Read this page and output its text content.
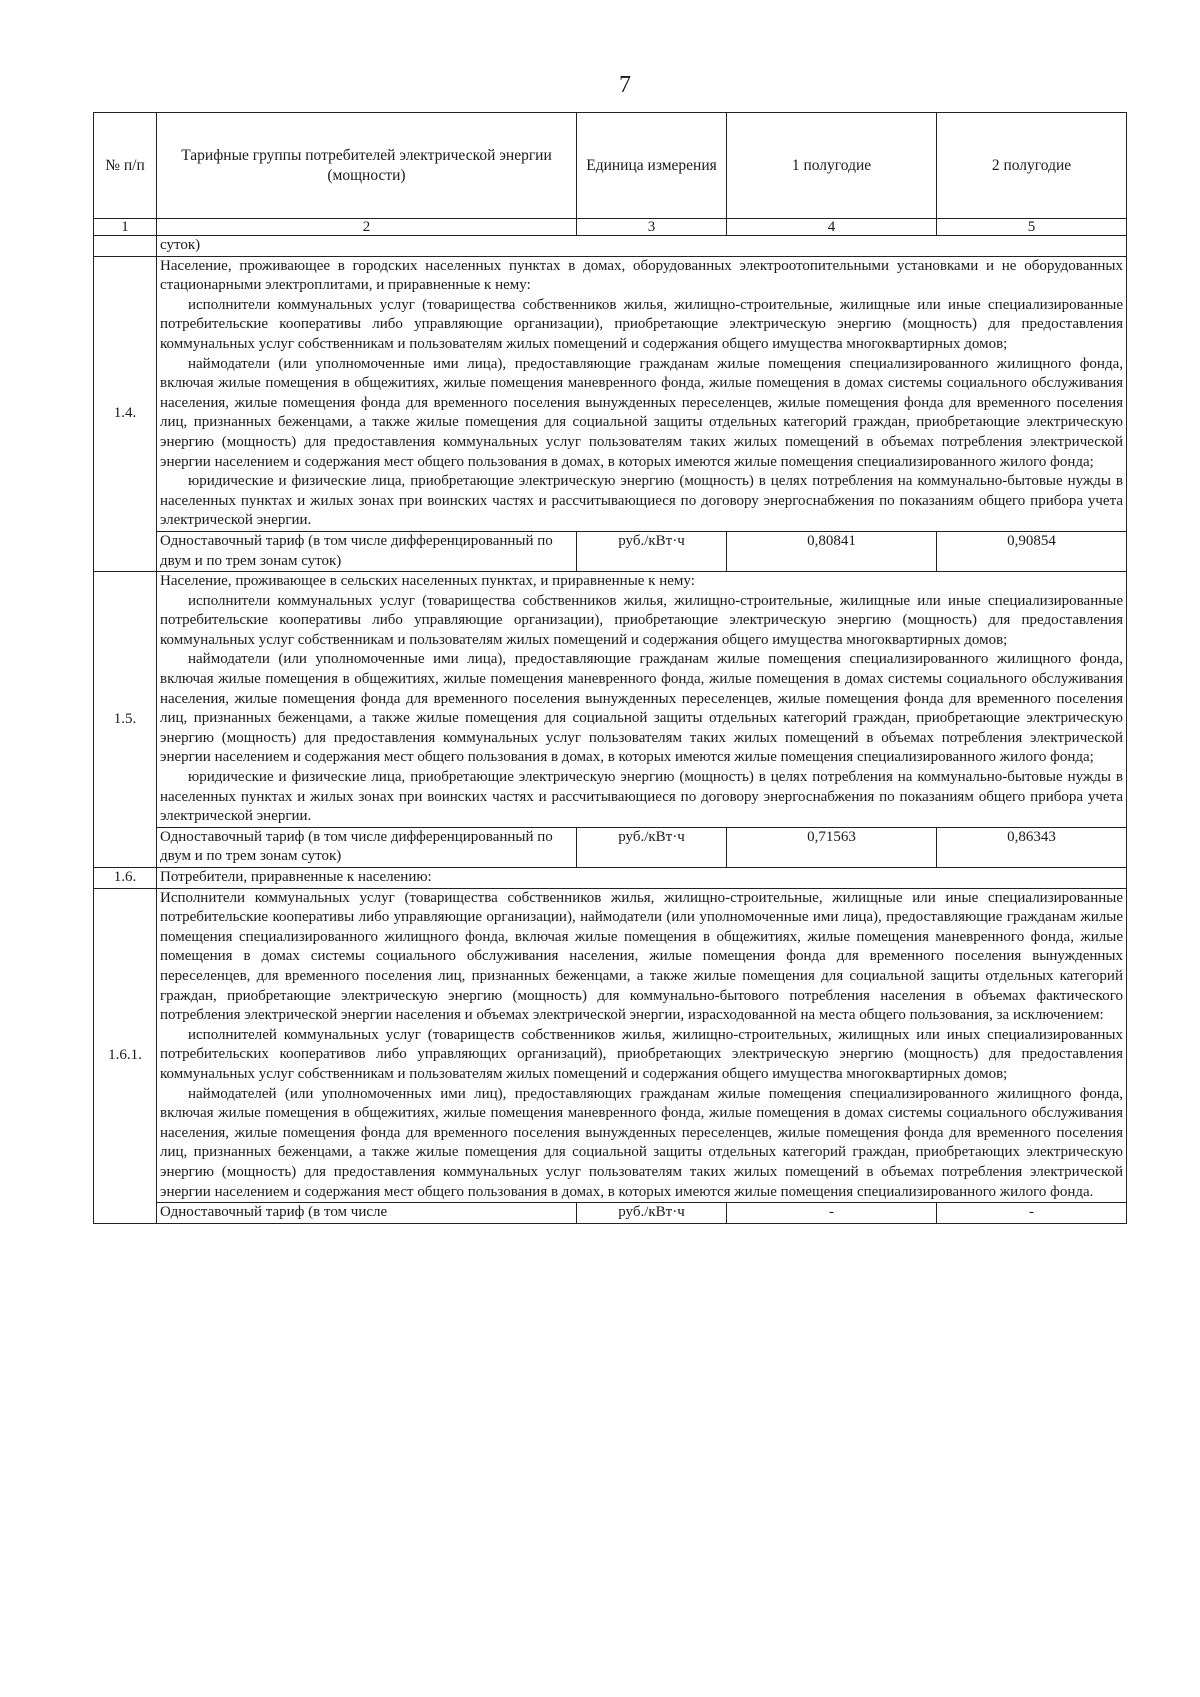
7
№ п/п	Тарифные группы потребителей электрической энергии (мощности)	Единица измерения	1 полугодие	2 полугодие
1	2	3	4	5
	суток)			
1.4.	Население, проживающее в городских населенных пунктах в домах, оборудованных электроотопительными установками и не оборудованных стационарными электроплитами, и приравненные к нему:

исполнители коммунальных услуг (товарищества собственников жилья, жилищно-строительные, жилищные или иные специализированные потребительские кооперативы либо управляющие организации), приобретающие электрическую энергию (мощность) для предоставления коммунальных услуг собственникам и пользователям жилых помещений и содержания общего имущества многоквартирных домов;

наймодатели (или уполномоченные ими лица), предоставляющие гражданам жилые помещения специализированного жилищного фонда, включая жилые помещения в общежитиях, жилые помещения маневренного фонда, жилые помещения в домах системы социального обслуживания населения, жилые помещения фонда для временного поселения вынужденных переселенцев, жилые помещения фонда для временного поселения лиц, признанных беженцами, а также жилые помещения для социальной защиты отдельных категорий граждан, приобретающие электрическую энергию (мощность) для предоставления коммунальных услуг пользователям таких жилых помещений в объемах потребления электрической энергии населением и содержания мест общего пользования в домах, в которых имеются жилые помещения специализированного жилого фонда;

юридические и физические лица, приобретающие электрическую энергию (мощность) в целях потребления на коммунально-бытовые нужды в населенных пунктах и жилых зонах при воинских частях и рассчитывающиеся по договору энергоснабжения по показаниям общего прибора учета электрической энергии.			

	Одноставочный тариф (в том числе дифференцированный по двум и по трем зонам суток)	руб./кВт·ч	0,80841	0,90854
1.5.	Население, проживающее в сельских населенных пунктах, и приравненные к нему:

исполнители коммунальных услуг (товарищества собственников жилья, жилищно-строительные, жилищные или иные специализированные потребительские кооперативы либо управляющие организации), приобретающие электрическую энергию (мощность) для предоставления коммунальных услуг собственникам и пользователям жилых помещений и содержания общего имущества многоквартирных домов;

наймодатели (или уполномоченные ими лица), предоставляющие гражданам жилые помещения специализированного жилищного фонда, включая жилые помещения в общежитиях, жилые помещения маневренного фонда, жилые помещения в домах системы социального обслуживания населения, жилые помещения фонда для временного поселения вынужденных переселенцев, жилые помещения фонда для временного поселения лиц, признанных беженцами, а также жилые помещения для социальной защиты отдельных категорий граждан, приобретающие электрическую энергию (мощность) для предоставления коммунальных услуг пользователям таких жилых помещений в объемах потребления электрической энергии населением и содержания мест общего пользования в домах, в которых имеются жилые помещения специализированного жилого фонда;

юридические и физические лица, приобретающие электрическую энергию (мощность) в целях потребления на коммунально-бытовые нужды в населенных пунктах и жилых зонах при воинских частях и рассчитывающиеся по договору энергоснабжения по показаниям общего прибора учета электрической энергии.			

	Одноставочный тариф (в том числе дифференцированный по двум и по трем зонам суток)	руб./кВт·ч	0,71563	0,86343
1.6.	Потребители, приравненные к населению:			
1.6.1.	Исполнители коммунальных услуг (товарищества собственников жилья, жилищно-строительные, жилищные или иные специализированные потребительские кооперативы либо управляющие организации), наймодатели (или уполномоченные ими лица), предоставляющие гражданам жилые помещения специализированного жилищного фонда, включая жилые помещения в общежитиях, жилые помещения маневренного фонда, жилые помещения в домах системы социального обслуживания населения, жилые помещения фонда для временного поселения вынужденных переселенцев, для временного поселения лиц, признанных беженцами, а также жилые помещения для социальной защиты отдельных категорий граждан, приобретающие электрическую энергию (мощность) для коммунально-бытового потребления населения в объемах фактического потребления электрической энергии населения и объемах электрической энергии, израсходованной на места общего пользования, за исключением:

исполнителей коммунальных услуг (товариществ собственников жилья, жилищно-строительных, жилищных или иных специализированных потребительских кооперативов либо управляющих организаций), приобретающих электрическую энергию (мощность) для предоставления коммунальных услуг собственникам и пользователям жилых помещений и содержания общего имущества многоквартирных домов;

наймодателей (или уполномоченных ими лиц), предоставляющих гражданам жилые помещения специализированного жилищного фонда, включая жилые помещения в общежитиях, жилые помещения маневренного фонда, жилые помещения в домах системы социального обслуживания населения, жилые помещения фонда для временного поселения вынужденных переселенцев, жилые помещения фонда для временного поселения лиц, признанных беженцами, а также жилые помещения для социальной защиты отдельных категорий граждан, приобретающих электрическую энергию (мощность) для предоставления коммунальных услуг пользователям таких жилых помещений в объемах потребления электрической энергии населением и содержания мест общего пользования в домах, в которых имеются жилые помещения специализированного жилого фонда.			

	Одноставочный тариф (в том числе	руб./кВт·ч	-	-
